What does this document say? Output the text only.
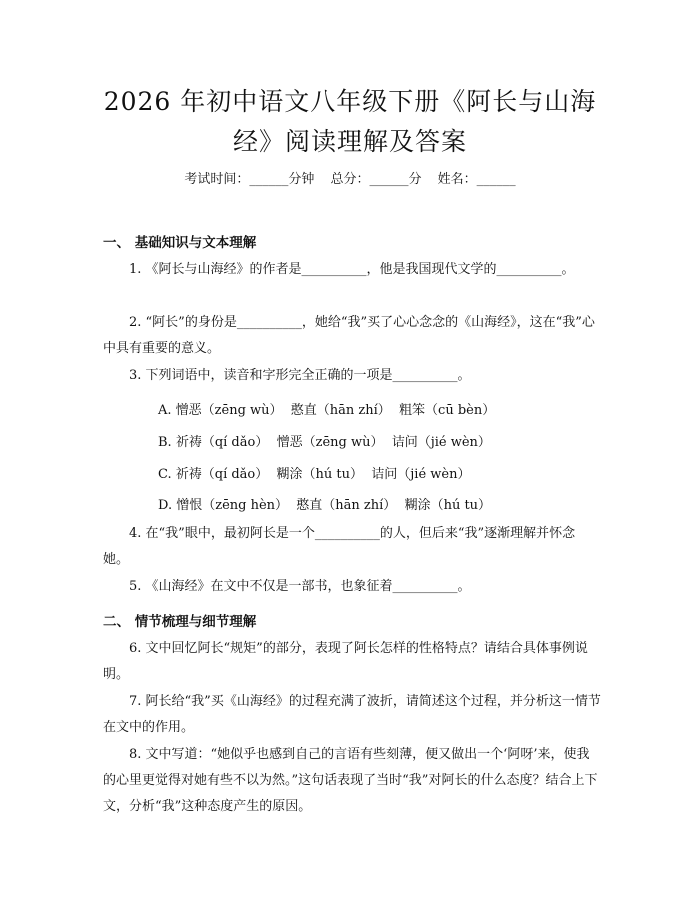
2026 年初中语文八年级下册《阿长与山海
经》阅读理解及答案
考试时间：______分钟 总分：______分 姓名：______
一、 基础知识与文本理解
1. 《阿长与山海经》的作者是__________，他是我国现代文学的__________。
2. “阿长”的身份是__________，她给“我”买了心心念念的《山海经》，这在“我”心中具有重要的意义。
3. 下列词语中，读音和字形完全正确的一项是__________。
A. 憎恶（zēng wù）  憨直（hān zhí）  粗笨（cū bèn）
B. 祈祷（qí dǎo）  憎恶（zēng wù）  诘问（jié wèn）
C. 祈祷（qí dǎo）  糊涂（hú tu）  诘问（jié wèn）
D. 憎恨（zēng hèn）  憨直（hān zhí）  糊涂（hú tu）
4. 在“我”眼中，最初阿长是一个__________的人，但后来“我”逐渐理解并怀念她。
5. 《山海经》在文中不仅是一部书，也象征着__________。
二、 情节梳理与细节理解
6. 文中回忆阿长“规矩”的部分，表现了阿长怎样的性格特点？请结合具体事例说明。
7. 阿长给“我”买《山海经》的过程充满了波折，请简述这个过程，并分析这一情节在文中的作用。
8. 文中写道：“她似乎也感到自己的言语有些刻薄，便又做出一个‘阿呀’来，使我的心里更觉得对她有些不以为然。”这句话表现了当时“我”对阿长的什么态度？结合上下文，分析“我”这种态度产生的原因。
